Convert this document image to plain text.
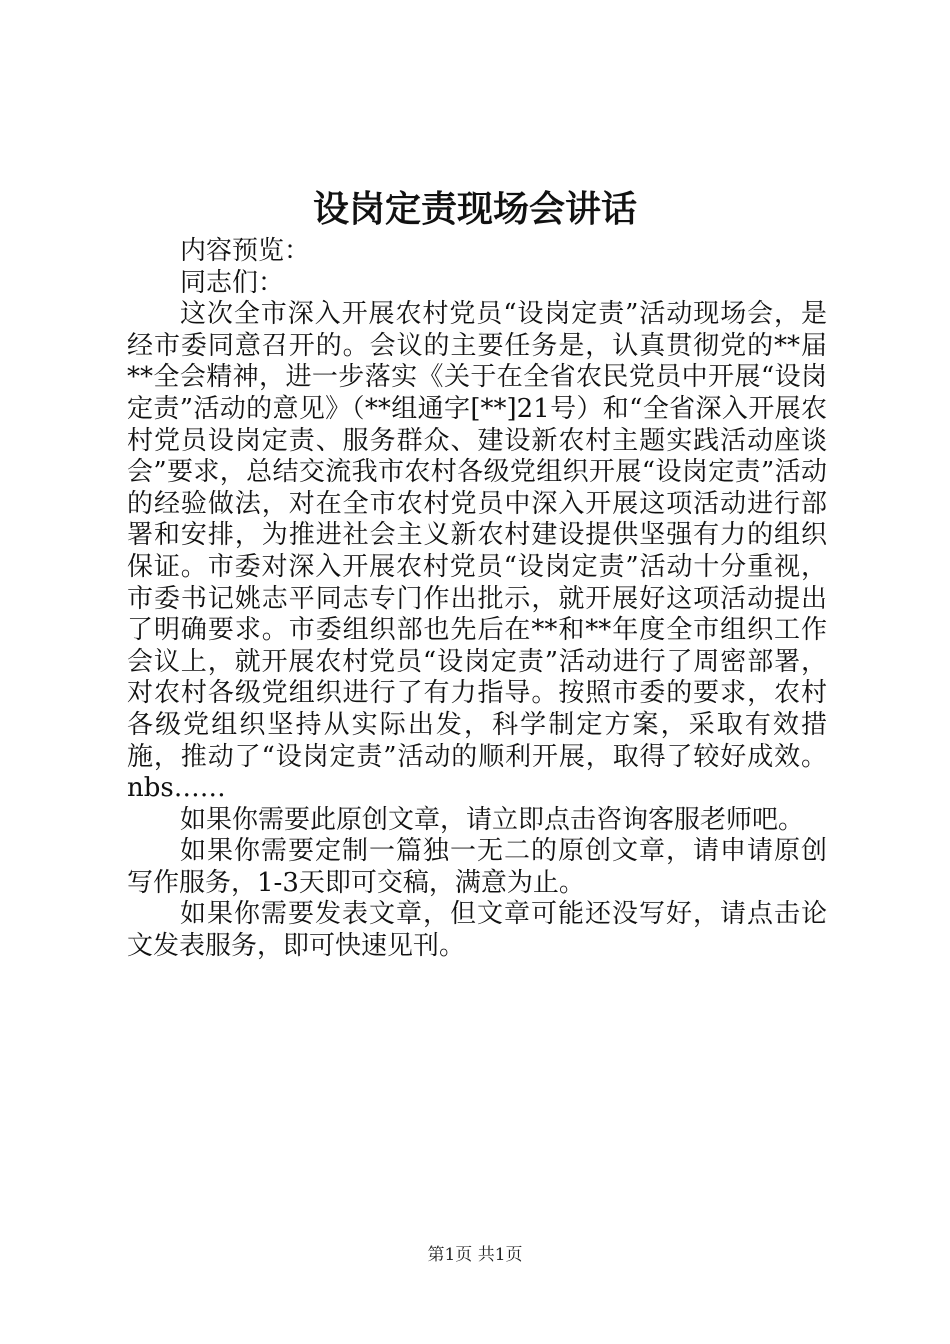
设岗定责现场会讲话

内容预览：

同志们：

这次全市深入开展农村党员“设岗定责”活动现场会，是经市委同意召开的。会议的主要任务是，认真贯彻党的**届**全会精神，进一步落实《关于在全省农民党员中开展“设岗定责”活动的意见》（**组通字[**]21号）和“全省深入开展农村党员设岗定责、服务群众、建设新农村主题实践活动座谈会”要求，总结交流我市农村各级党组织开展“设岗定责”活动的经验做法，对在全市农村党员中深入开展这项活动进行部署和安排，为推进社会主义新农村建设提供坚强有力的组织保证。市委对深入开展农村党员“设岗定责”活动十分重视，市委书记姚志平同志专门作出批示，就开展好这项活动提出了明确要求。市委组织部也先后在**和**年度全市组织工作会议上，就开展农村党员“设岗定责”活动进行了周密部署，对农村各级党组织进行了有力指导。按照市委的要求，农村各级党组织坚持从实际出发，科学制定方案，采取有效措施，推动了“设岗定责”活动的顺利开展，取得了较好成效。nbs……

如果你需要此原创文章，请立即点击咨询客服老师吧。

如果你需要定制一篇独一无二的原创文章，请申请原创写作服务，1-3天即可交稿，满意为止。

如果你需要发表文章，但文章可能还没写好，请点击论文发表服务，即可快速见刊。

第1页 共1页
